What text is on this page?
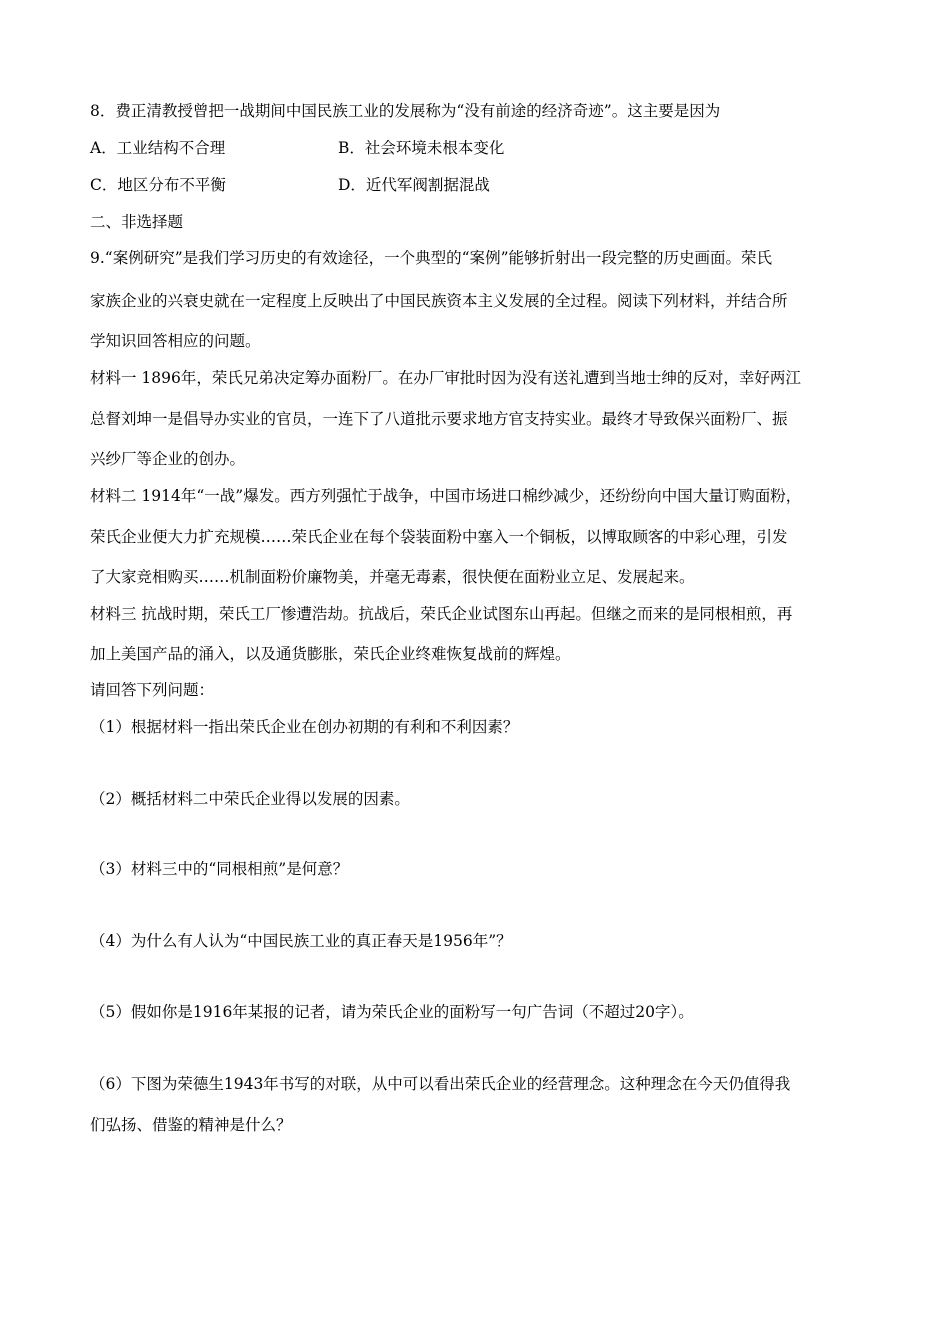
8．费正清教授曾把一战期间中国民族工业的发展称为“没有前途的经济奇迹”。这主要是因为
A．工业结构不合理	B．社会环境未根本变化
C．地区分布不平衡	D．近代军阀割据混战
二、非选择题
9.“案例研究”是我们学习历史的有效途径，一个典型的“案例”能够折射出一段完整的历史画面。荣氏
家族企业的兴衰史就在一定程度上反映出了中国民族资本主义发展的全过程。阅读下列材料，并结合所
学知识回答相应的问题。
材料一 1896年，荣氏兄弟决定筹办面粉厂。在办厂审批时因为没有送礼遭到当地士绅的反对，幸好两江
总督刘坤一是倡导办实业的官员，一连下了八道批示要求地方官支持实业。最终才导致保兴面粉厂、振
兴纱厂等企业的创办。
材料二 1914年“一战”爆发。西方列强忙于战争，中国市场进口棉纱减少，还纷纷向中国大量订购面粉，
荣氏企业便大力扩充规模……荣氏企业在每个袋装面粉中塞入一个铜板，以博取顾客的中彩心理，引发
了大家竞相购买……机制面粉价廉物美，并毫无毒素，很快便在面粉业立足、发展起来。
材料三 抗战时期，荣氏工厂惨遭浩劫。抗战后，荣氏企业试图东山再起。但继之而来的是同根相煎，再
加上美国产品的涌入，以及通货膨胀，荣氏企业终难恢复战前的辉煌。
请回答下列问题：
（1）根据材料一指出荣氏企业在创办初期的有利和不利因素？
（2）概括材料二中荣氏企业得以发展的因素。
（3）材料三中的“同根相煎”是何意？
（4）为什么有人认为“中国民族工业的真正春天是1956年”？
（5）假如你是1916年某报的记者，请为荣氏企业的面粉写一句广告词（不超过20字）。
（6）下图为荣德生1943年书写的对联，从中可以看出荣氏企业的经营理念。这种理念在今天仍值得我
们弘扬、借鉴的精神是什么？
